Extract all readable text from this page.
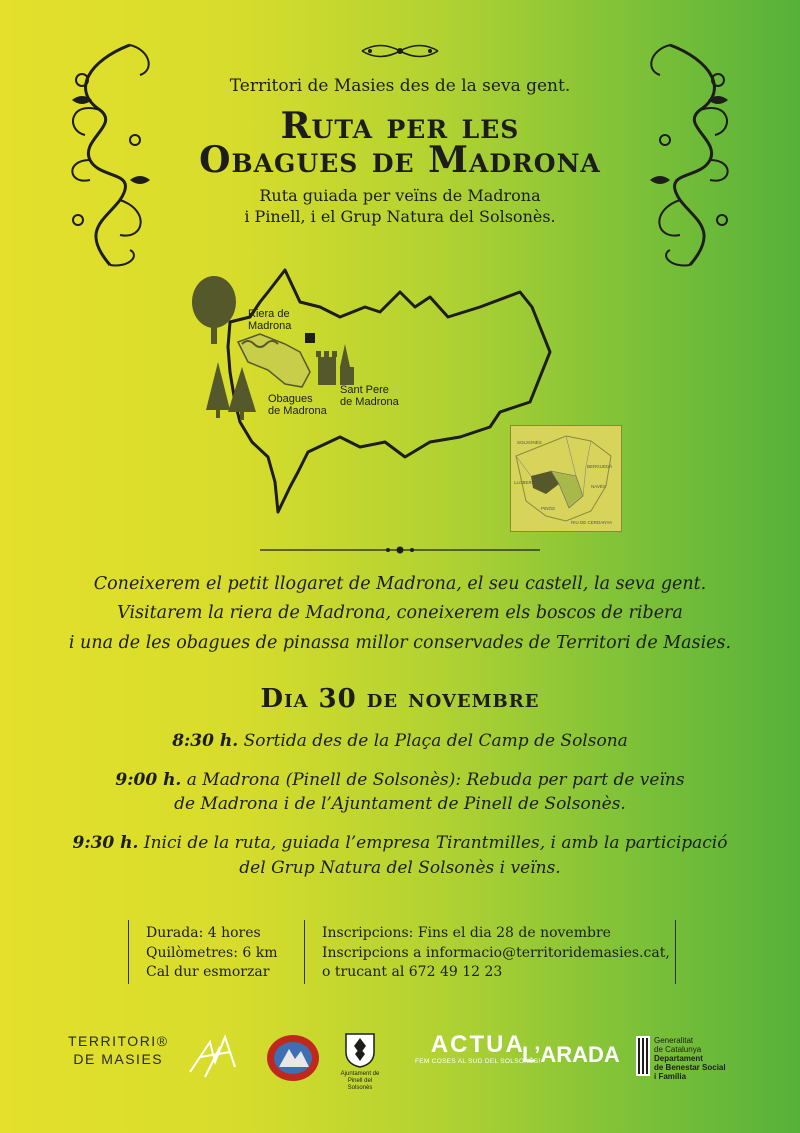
Territori de Masies des de la seva gent.
Ruta per les
Obagues de Madrona
Ruta guiada per veïns de Madrona
i Pinell, i el Grup Natura del Solsonès.
Riera de
Madrona
Obagues
de Madrona
Sant Pere
de Madrona
SOLSONÈS
BERGUEDÀ
NAVÈS
LLOBERA
PINÓS
RIU DE CERDANYA
Coneixerem el petit llogaret de Madrona, el seu castell, la seva gent.
Visitarem la riera de Madrona, coneixerem els boscos de ribera
i una de les obagues de pinassa millor conservades de Territori de Masies.
Dia 30 de novembre
8:30 h. Sortida des de la Plaça del Camp de Solsona
9:00 h. a Madrona (Pinell de Solsonès): Rebuda per part de veïns
de Madrona i de l’Ajuntament de Pinell de Solsonès.
9:30 h. Inici de la ruta, guiada l’empresa Tirantmilles, i amb la participació
del Grup Natura del Solsonès i veïns.
Durada: 4 hores
Quilòmetres: 6 km
Cal dur esmorzar
Inscripcions: Fins el dia 28 de novembre
Inscripcions a informacio@territoridemasies.cat,
o trucant al 672 49 12 23
TERRITORI®
DE MASIES
Ajuntament de
Pinell del Solsonès
ACTUA
FEM COSES AL SUD DEL SOLSONÈS!
L’ARADA
Generalitat
de Catalunya
Departament
de Benestar Social
i Família
